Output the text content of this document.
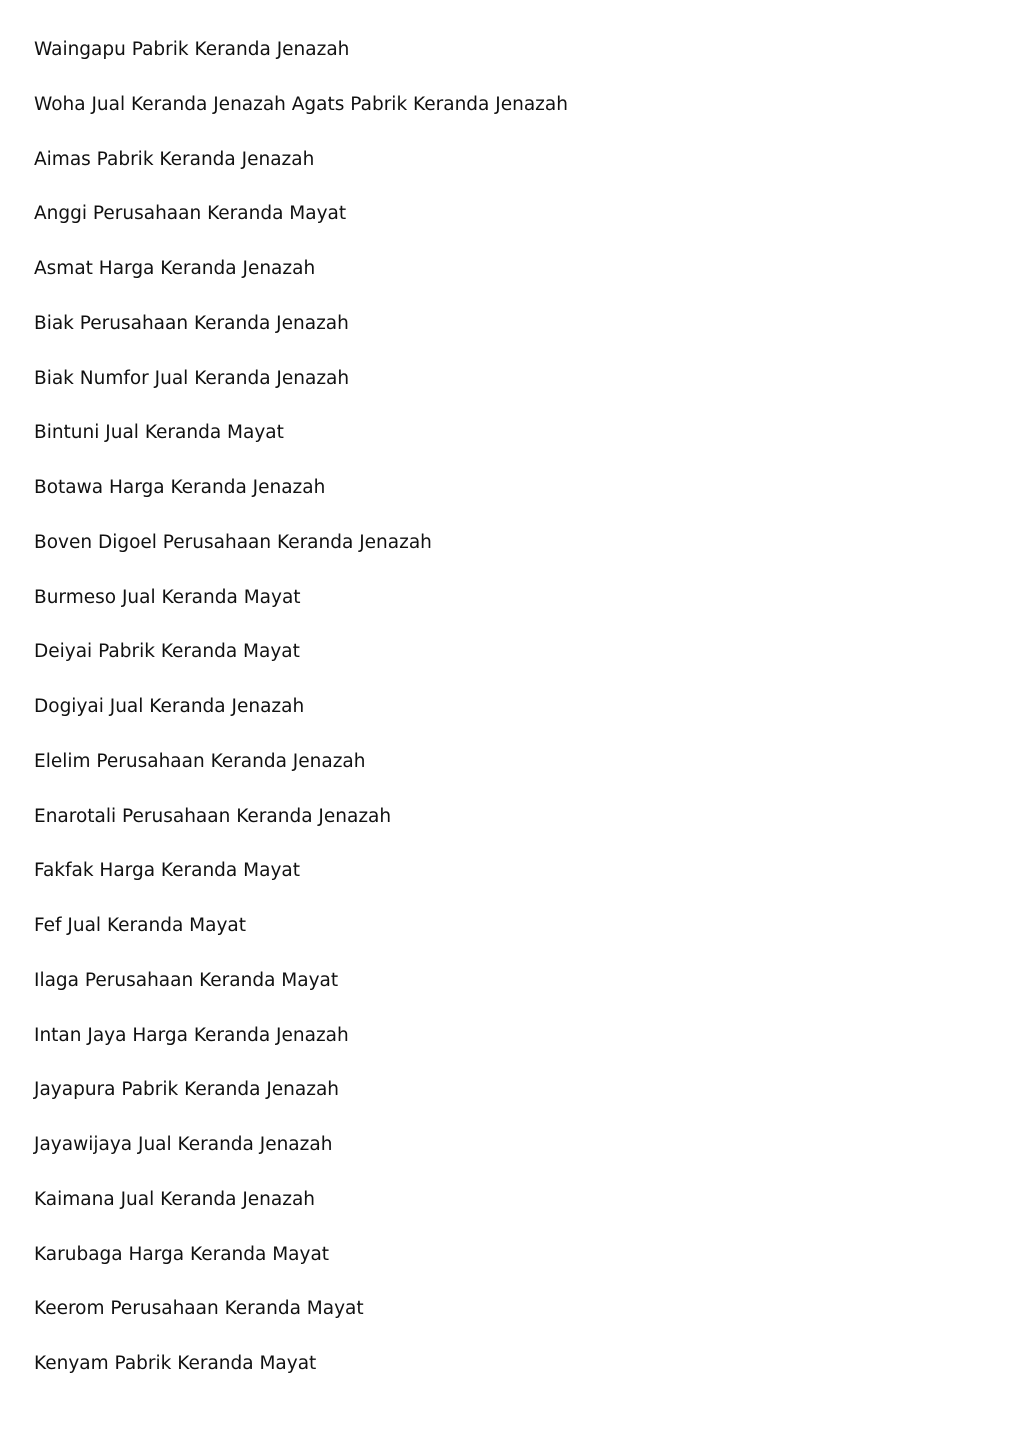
Waingapu Pabrik Keranda Jenazah
Woha Jual Keranda Jenazah Agats Pabrik Keranda Jenazah
Aimas Pabrik Keranda Jenazah
Anggi Perusahaan Keranda Mayat
Asmat Harga Keranda Jenazah
Biak Perusahaan Keranda Jenazah
Biak Numfor Jual Keranda Jenazah
Bintuni Jual Keranda Mayat
Botawa Harga Keranda Jenazah
Boven Digoel Perusahaan Keranda Jenazah
Burmeso Jual Keranda Mayat
Deiyai Pabrik Keranda Mayat
Dogiyai Jual Keranda Jenazah
Elelim Perusahaan Keranda Jenazah
Enarotali Perusahaan Keranda Jenazah
Fakfak Harga Keranda Mayat
Fef Jual Keranda Mayat
Ilaga Perusahaan Keranda Mayat
Intan Jaya Harga Keranda Jenazah
Jayapura Pabrik Keranda Jenazah
Jayawijaya Jual Keranda Jenazah
Kaimana Jual Keranda Jenazah
Karubaga Harga Keranda Mayat
Keerom Perusahaan Keranda Mayat
Kenyam Pabrik Keranda Mayat
